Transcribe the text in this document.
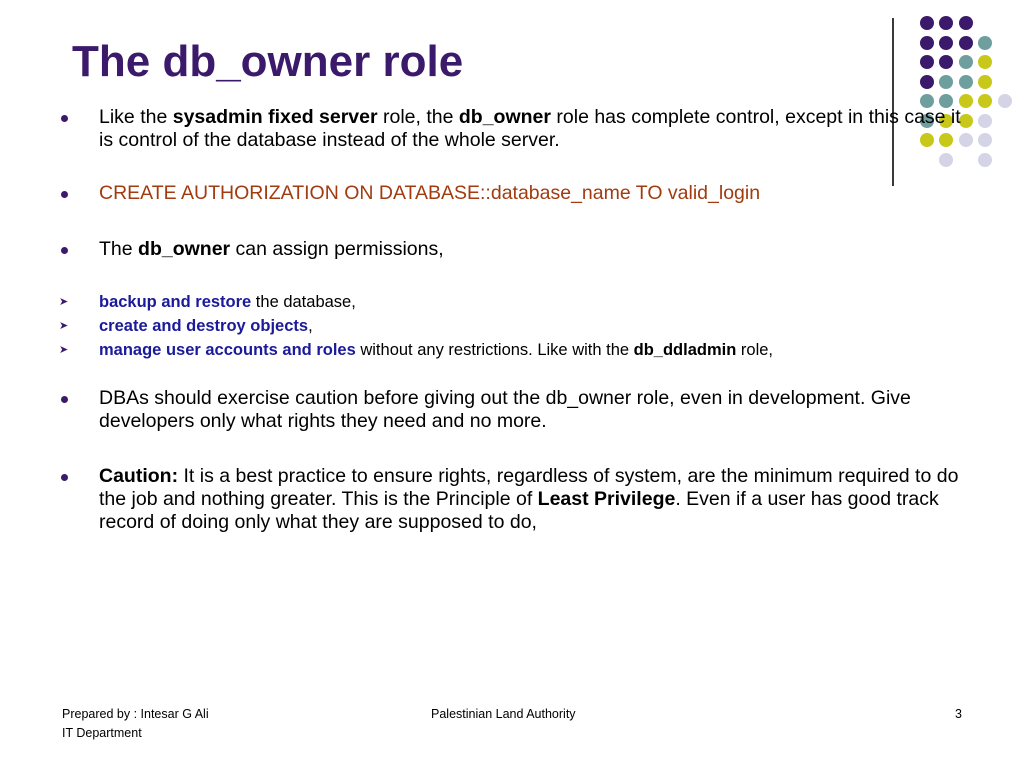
The db_owner role
Like the sysadmin fixed server role, the db_owner role has complete control, except in this case it is control of the database instead of the whole server.
CREATE AUTHORIZATION ON DATABASE::database_name TO valid_login
The db_owner can assign permissions,
➤ backup and restore the database,
➤ create and destroy objects,
➤ manage user accounts and roles without any restrictions. Like with the db_ddladmin role,
DBAs should exercise caution before giving out the db_owner role, even in development. Give developers only what rights they need and no more.
Caution: It is a best practice to ensure rights, regardless of system, are the minimum required to do the job and nothing greater. This is the Principle of Least Privilege. Even if a user has good track record of doing only what they are supposed to do,
Prepared by : Intesar G Ali
IT Department
Palestinian Land Authority	3
